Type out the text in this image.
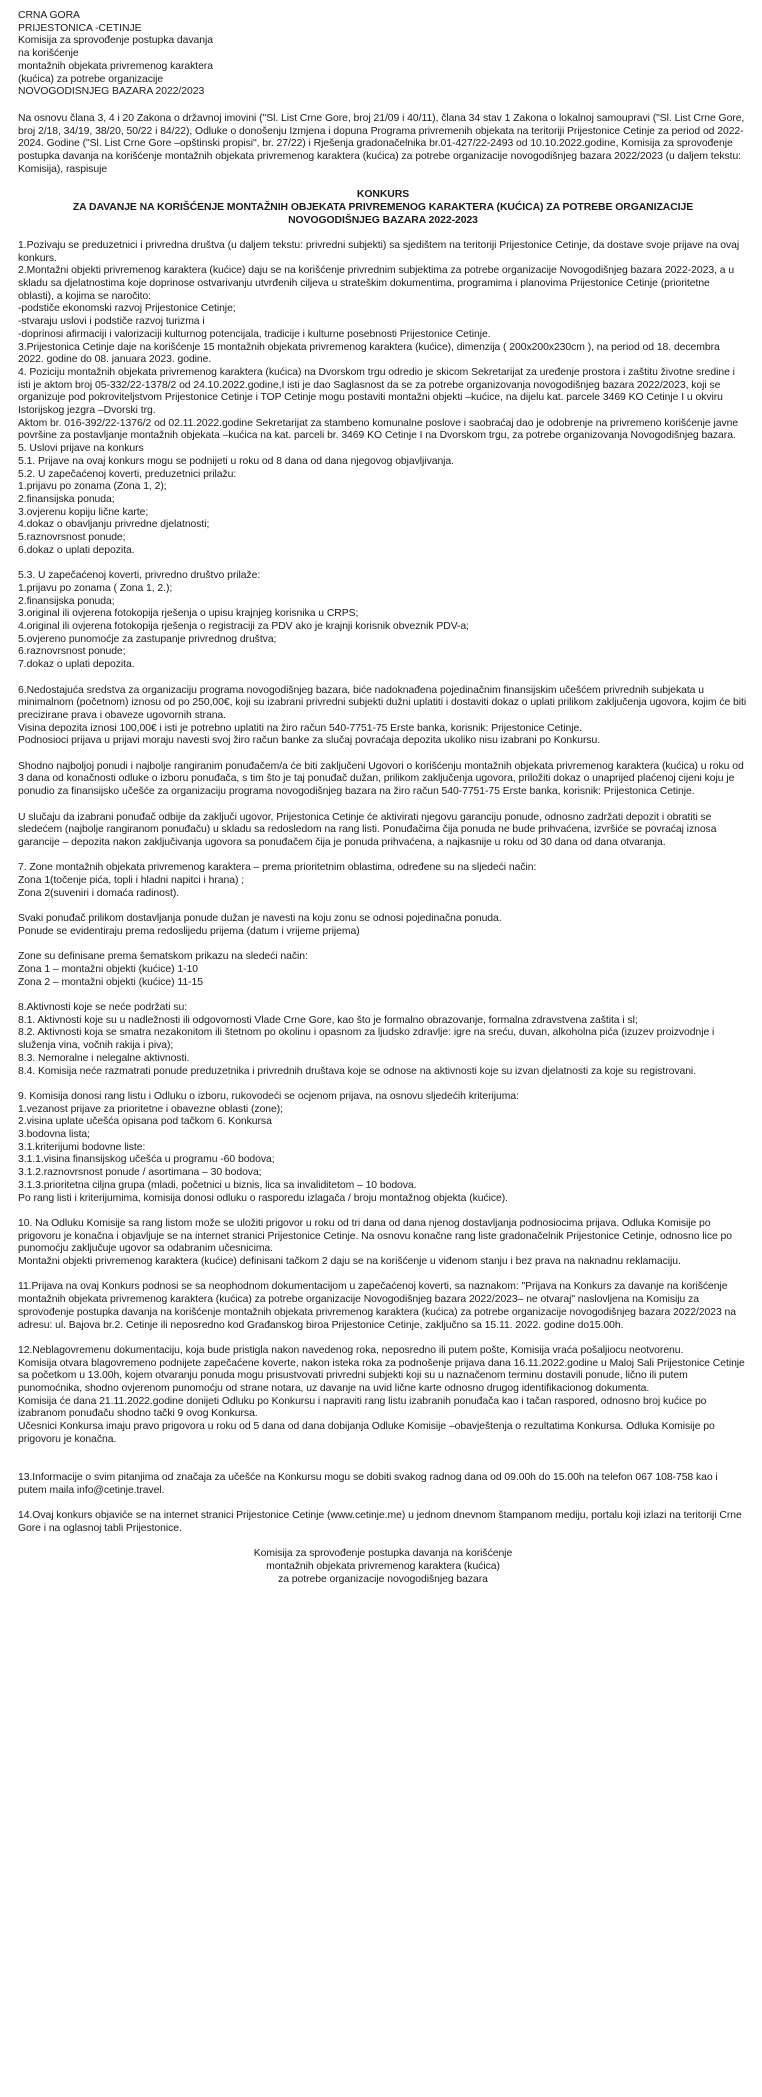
CRNA GORA
PRIJESTONICA -CETINJE
Komisija za sprovođenje postupka davanja
na korišćenje
montažnih objekata privremenog karaktera
(kućica) za potrebe organizacije
NOVOGODIŠNJEG BAZARA 2022/2023

Na osnovu člana 3, 4 i 20 Zakona o državnoj imovini ("Sl. List Crne Gore, broj 21/09 i 40/11), člana 34 stav 1 Zakona o lokalnoj samoupravi ("Sl. List Crne Gore, broj 2/18, 34/19, 38/20, 50/22 i 84/22), Odluke o donošenju Izmjena i dopuna Programa privremenih objekata na teritoriji Prijestonice Cetinje za period od 2022-2024. Godine ("Sl. List Crne Gore –opštinski propisi", br. 27/22) i Rješenja gradonačelnika br.01-427/22-2493 od 10.10.2022.godine, Komisija za sprovođenje postupka davanja na korišćenje montažnih objekata privremenog karaktera (kućica) za potrebe organizacije novogodišnjeg bazara 2022/2023 (u daljem tekstu: Komisija), raspisuje

KONKURS
ZA DAVANJE NA KORIŠĆENJE MONTAŽNIH OBJEKATA PRIVREMENOG KARAKTERA (KUĆICA) ZA POTREBE ORGANIZACIJE
NOVOGODIŠNJEG BAZARA 2022-2023

1.Pozivaju se preduzetnici i privredna društva (u daljem tekstu: privredni subjekti) sa sjedištem na teritoriji Prijestonice Cetinje, da dostave svoje prijave na ovaj konkurs.

2.Montažni objekti privremenog karaktera (kućice) daju se na korišćenje privrednim subjektima za potrebe organizacije Novogodišnjeg bazara 2022-2023, a u skladu sa djelatnostima koje doprinose ostvarivanju utvrđenih ciljeva u strateškim dokumentima, programima i planovima Prijestonice Cetinje (prioritetne oblasti), a kojima se naročito:

-podstiče ekonomski razvoj Prijestonice Cetinje;
-stvaraju uslovi i podstiče razvoj turizma i
-doprinosi afirmaciji i valorizaciji kulturnog potencijala, tradicije i kulturne posebnosti Prijestonice Cetinje.

3.Prijestonica Cetinje daje na korišćenje 15 montažnih objekata privremenog karaktera (kućice), dimenzija ( 200x200x230cm ), na period od 18. decembra 2022. godine do 08. januara 2023. godine.

4. Poziciju montažnih objekata privremenog karaktera (kućica) na Dvorskom trgu odredio je skicom Sekretarijat za uređenje prostora i zaštitu životne sredine i isti je aktom broj 05-332/22-1378/2 od 24.10.2022.godine,I isti je dao Saglasnost da se za potrebe organizovanja novogodišnjeg bazara 2022/2023, koji se organizuje pod pokroviteljstvom Prijestonice Cetinje i TOP Cetinje mogu postaviti montažni objekti –kućice, na dijelu kat. parcele 3469 KO Cetinje I u okviru Istorijskog jezgra –Dvorski trg.

Aktom br. 016-392/22-1376/2 od 02.11.2022.godine Sekretarijat za stambeno komunalne poslove i saobraćaj dao je odobrenje na privremeno korišćenje javne površine za postavljanje montažnih objekata –kućica na kat. parceli br. 3469 KO Cetinje I na Dvorskom trgu, za potrebe organizovanja Novogodišnjeg bazara.

5. Uslovi prijave na konkurs
5.1. Prijave na ovaj konkurs mogu se podnijeti u roku od 8 dana od dana njegovog objavljivanja.
5.2. U zapečaćenoj koverti, preduzetnici prilažu:
1.prijavu po zonama (Zona 1, 2);
2.finansijska ponuda;
3.ovjerenu kopiju lične karte;
4.dokaz o obavljanju privredne djelatnosti;
5.raznovrsnost ponude;
6.dokaz o uplati depozita.
5.3. U zapečaćenoj koverti, privredno društvo prilaže:
1.prijavu po zonama ( Zona 1, 2.);
2.finansijska ponuda;
3.original ili ovjerena fotokopija rješenja o upisu krajnjeg korisnika u CRPS;
4.original ili ovjerena fotokopija rješenja o registraciji za PDV ako je krajnji korisnik obveznik PDV-a;
5.ovjereno punomoćje za zastupanje privrednog društva;
6.raznovrsnost ponude;
7.dokaz o uplati depozita.

6.Nedostajuća sredstva za organizaciju programa novogodišnjeg bazara, biće nadoknađena pojedinačnim finansijskim učešćem privrednih subjekata u minimalnom (početnom) iznosu od po 250,00€, koji su izabrani privredni subjekti dužni uplatiti i dostaviti dokaz o uplati prilikom zaključenja ugovora, kojim će biti precizirane prava i obaveze ugovornih strana.

Visina depozita iznosi 100,00€ i isti je potrebno uplatiti na žiro račun 540-7751-75 Erste banka, korisnik: Prijestonice Cetinje.

Podnosioci prijava u prijavi moraju navesti svoj žiro račun banke za slučaj povraćaja depozita ukoliko nisu izabrani po Konkursu.

Shodno najboljoj ponudi i najbolje rangiranim ponuđačem/a će biti zaključeni Ugovori o korišćenju montažnih objekata privremenog karaktera (kućica) u roku od 3 dana od konačnosti odluke o izboru ponuđača, s tim što je taj ponuđač dužan, prilikom zaključenja ugovora, priložiti dokaz o unaprijed plaćenoj cijeni koju je ponudio za finansijsko učešće za organizaciju programa novogodišnjeg bazara na žiro račun 540-7751-75 Erste banka, korisnik: Prijestonica Cetinje.

U slučaju da izabrani ponuđač odbije da zaključi ugovor, Prijestonica Cetinje će aktivirati njegovu garanciju ponude, odnosno zadržati depozit i obratiti se sledećem (najbolje rangiranom ponuđaču) u skladu sa redosledom na rang listi. Ponuđačima čija ponuda ne bude prihvaćena, izvršiće se povraćaj iznosa garancije – depozita nakon zaključivanja ugovora sa ponuđačem čija je ponuda prihvaćena, a najkasnije u roku od 30 dana od dana otvaranja.

7. Zone montažnih objekata privremenog karaktera – prema prioritetnim oblastima, određene su na sljedeći način:

Zona 1(točenje pića, topli i hladni napitci i hrana) ;
Zona 2(suveniri i domaća radinost).

Svaki ponuđač prilikom dostavljanja ponude dužan je navesti na koju zonu se odnosi pojedinačna ponuda.

Ponude se evidentiraju prema redoslijedu prijema (datum i vrijeme prijema)

Zone su definisane prema šematskom prikazu na sledeći način:

Zona 1 – montažni objekti (kućice) 1-10
Zona 2 – montažni objekti (kućice) 11-15

8.Aktivnosti koje se neće podržati su:

8.1. Aktivnosti koje su u nadležnosti ili odgovornosti Vlade Crne Gore, kao što je formalno obrazovanje, formalna zdravstvena zaštita i sl;

8.2. Aktivnosti koja se smatra nezakonitom ili štetnom po okolinu i opasnom za ljudsko zdravlje: igre na sreću, duvan, alkoholna pića (izuzev proizvodnje i služenja vina, vočnih rakija i piva);

8.3. Nemoralne i nelegalne aktivnosti.

8.4. Komisija neće razmatrati ponude preduzetnika i privrednih društava koje se odnose na aktivnosti koje su izvan djelatnosti za koje su registrovani.

9. Komisija donosi rang listu i Odluku o izboru, rukovodeći se ocjenom prijava, na osnovu sljedećih kriterijuma:

1.vezanost prijave za prioritetne i obavezne oblasti (zone);
2.visina uplate učešća opisana pod tačkom 6. Konkursa
3.bodovna lista;
3.1.kriterijumi bodovne liste:
3.1.1.visina finansijskog učešća u programu -60 bodova;
3.1.2.raznovrsnost ponude / asortimana – 30 bodova;
3.1.3.prioritetna ciljna grupa (mladi, početnici u biznis, lica sa invaliditetom – 10 bodova.

Po rang listi i kriterijumima, komisija donosi odluku o rasporedu izlagača / broju montažnog objekta (kućice).

10. Na Odluku Komisije sa rang listom može se uložiti prigovor u roku od tri dana od dana njenog dostavljanja podnosiocima prijava. Odluka Komisije po prigovoru je konačna i objavljuje se na internet stranici Prijestonice Cetinje. Na osnovu konačne rang liste gradonačelnik Prijestonice Cetinje, odnosno lice po punomoćju zaključuje ugovor sa odabranim učesnicima.

Montažni objekti privremenog karaktera (kućice) definisani tačkom 2 daju se na korišćenje u viđenom stanju i bez prava na naknadnu reklamaciju.

11.Prijava na ovaj Konkurs podnosi se sa neophodnom dokumentacijom u zapečaćenoj koverti, sa naznakom: "Prijava na Konkurs za davanje na korišćenje montažnih objekata privremenog karaktera (kućica) za potrebe organizacije Novogodišnjeg bazara 2022/2023– ne otvaraj" naslovljena na Komisiju za sprovođenje postupka davanja na korišćenje montažnih objekata privremenog karaktera (kućica) za potrebe organizacije novogodišnjeg bazara 2022/2023 na adresu: ul. Bajova br.2. Cetinje ili neposredno kod Građanskog biroa Prijestonice Cetinje, zaključno sa 15.11. 2022. godine do15.00h.

12.Neblagovremenu dokumentaciju, koja bude pristigla nakon navedenog roka, neposredno ili putem pošte, Komisija vraća pošaljiocu neotvorenu.

Komisija otvara blagovremeno podnijete zapečaćene koverte, nakon isteka roka za podnošenje prijava dana 16.11.2022.godine u Maloj Sali Prijestonice Cetinje sa početkom u 13.00h, kojem otvaranju ponuda mogu prisustvovati privredni subjekti koji su u naznačenom terminu dostavili ponude, lično ili putem punomoćnika, shodno ovjerenom punomoćju od strane notara, uz davanje na uvid lične karte odnosno drugog identifikacionog dokumenta.

Komisija će dana 21.11.2022.godine donijeti Odluku po Konkursu i napraviti rang listu izabranih ponuđača kao i tačan raspored, odnosno broj kućice po izabranom ponuđaču shodno tački 9 ovog Konkursa.

Učesnici Konkursa imaju pravo prigovora u roku od 5 dana od dana dobijanja Odluke Komisije –obavještenja o rezultatima Konkursa. Odluka Komisije po prigovoru je konačna.

13.Informacije o svim pitanjima od značaja za učešće na Konkursu mogu se dobiti svakog radnog dana od 09.00h do 15.00h na telefon 067 108-758 kao i putem maila info@cetinje.travel.

14.Ovaj konkurs objaviće se na internet stranici Prijestonice Cetinje (www.cetinje.me) u jednom dnevnom štampanom mediju, portalu koji izlazi na teritoriji Crne Gore i na oglasnoj tabli Prijestonice.

Komisija za sprovođenje postupka davanja na korišćenje
montažnih objekata privremenog karaktera (kućica)
za potrebe organizacije novogodišnjeg bazara
